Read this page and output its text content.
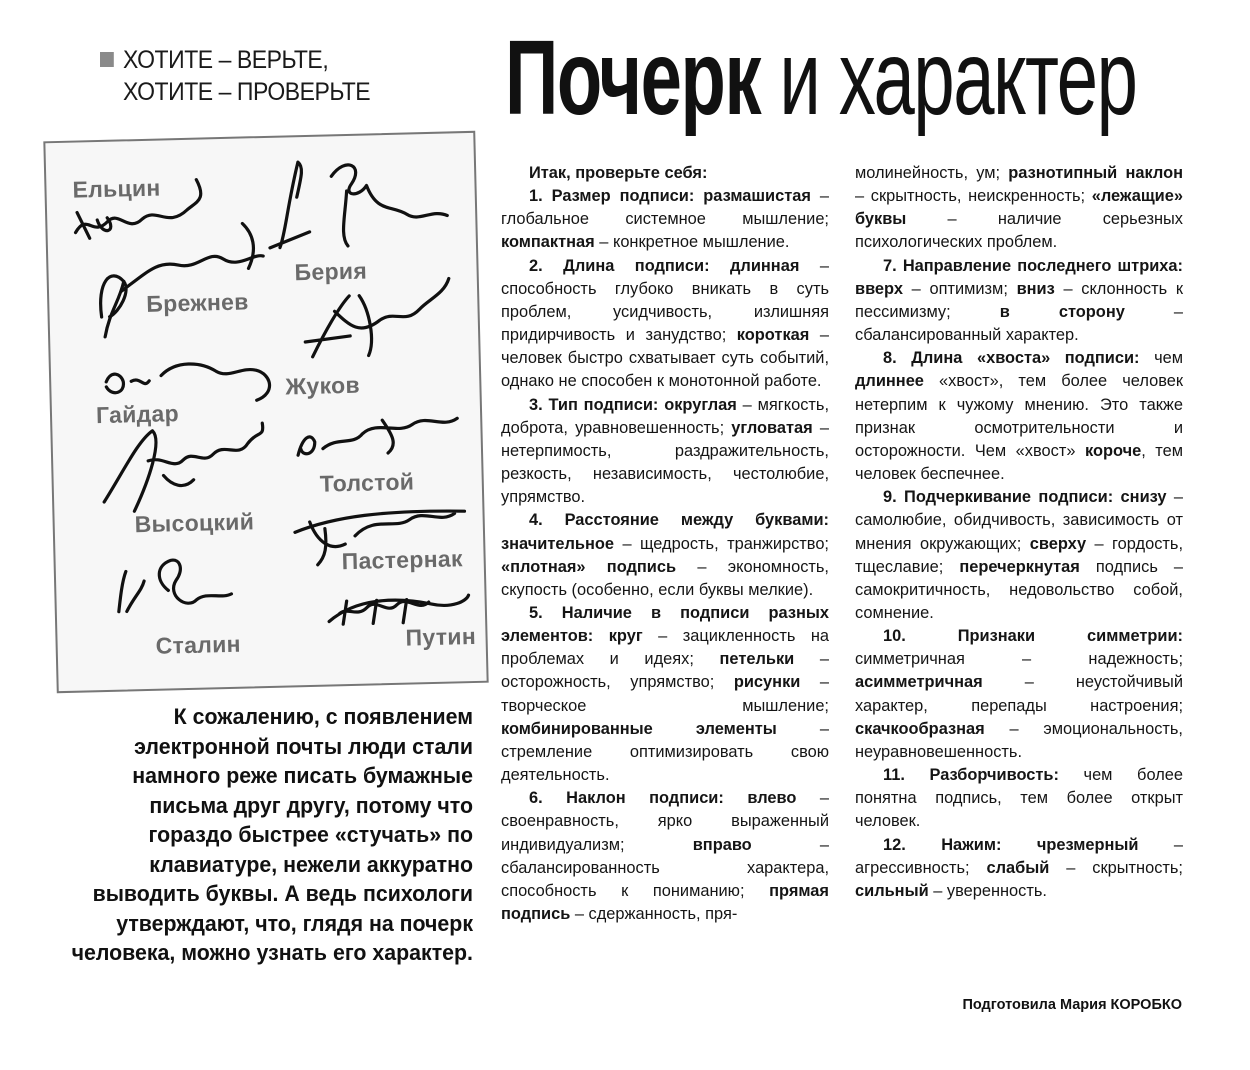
ХОТИТЕ – ВЕРЬТЕ,
ХОТИТЕ – ПРОВЕРЬТЕ Почерк и характер
Ельцин
Берия
Брежнев
Гайдар
Жуков
Толстой
Высоцкий
Пастернак
Сталин	Путин
К сожалению, с появлением электронной почты люди стали намного реже писать бумажные письма друг другу, потому что гораздо быстрее «стучать» по клавиатуре, нежели аккуратно выводить буквы. А ведь психологи утверждают, что, глядя на почерк человека, можно узнать его характер.

Итак, проверьте себя:

1. Размер подписи: размашистая – глобальное системное мышление; компактная – конкретное мышление.

2. Длина подписи: длинная – способность глубоко вникать в суть проблем, усидчивость, излишняя придирчивость и занудство; короткая – человек быстро схватывает суть событий, однако не способен к монотонной работе.

3. Тип подписи: округлая – мягкость, доброта, уравновешенность; угловатая – нетерпимость, раздражительность, резкость, независимость, честолюбие, упрямство.

4. Расстояние между буквами: значительное – щедрость, транжирство; «плотная» подпись – экономность, скупость (особенно, если буквы мелкие).

5. Наличие в подписи разных элементов: круг – зацикленность на проблемах и идеях; петельки – осторожность, упрямство; рисунки – творческое мышление; комбинированные элементы – стремление оптимизировать свою деятельность.

6. Наклон подписи: влево – своенравность, ярко выраженный индивидуализм; вправо – сбалансированность характера, способность к пониманию; прямая подпись – сдержанность, пря-

молинейность, ум; разнотипный наклон – скрытность, неискренность; «лежащие» буквы – наличие серьезных психологических проблем.

7. Направление последнего штриха: вверх – оптимизм; вниз – склонность к пессимизму; в сторону – сбалансированный характер.

8. Длина «хвоста» подписи: чем длиннее «хвост», тем более человек нетерпим к чужому мнению. Это также признак осмотрительности и осторожности. Чем «хвост» короче, тем человек беспечнее.

9. Подчеркивание подписи: снизу – самолюбие, обидчивость, зависимость от мнения окружающих; сверху – гордость, тщеславие; перечеркнутая подпись – самокритичность, недовольство собой, сомнение.

10. Признаки симметрии: симметричная – надежность; асимметричная – неустойчивый характер, перепады настроения; скачкообразная – эмоциональность, неуравновешенность.

11. Разборчивость: чем более понятна подпись, тем более открыт человек.

12. Нажим: чрезмерный – агрессивность; слабый – скрытность; сильный – уверенность.

Подготовила Мария КОРОБКО
